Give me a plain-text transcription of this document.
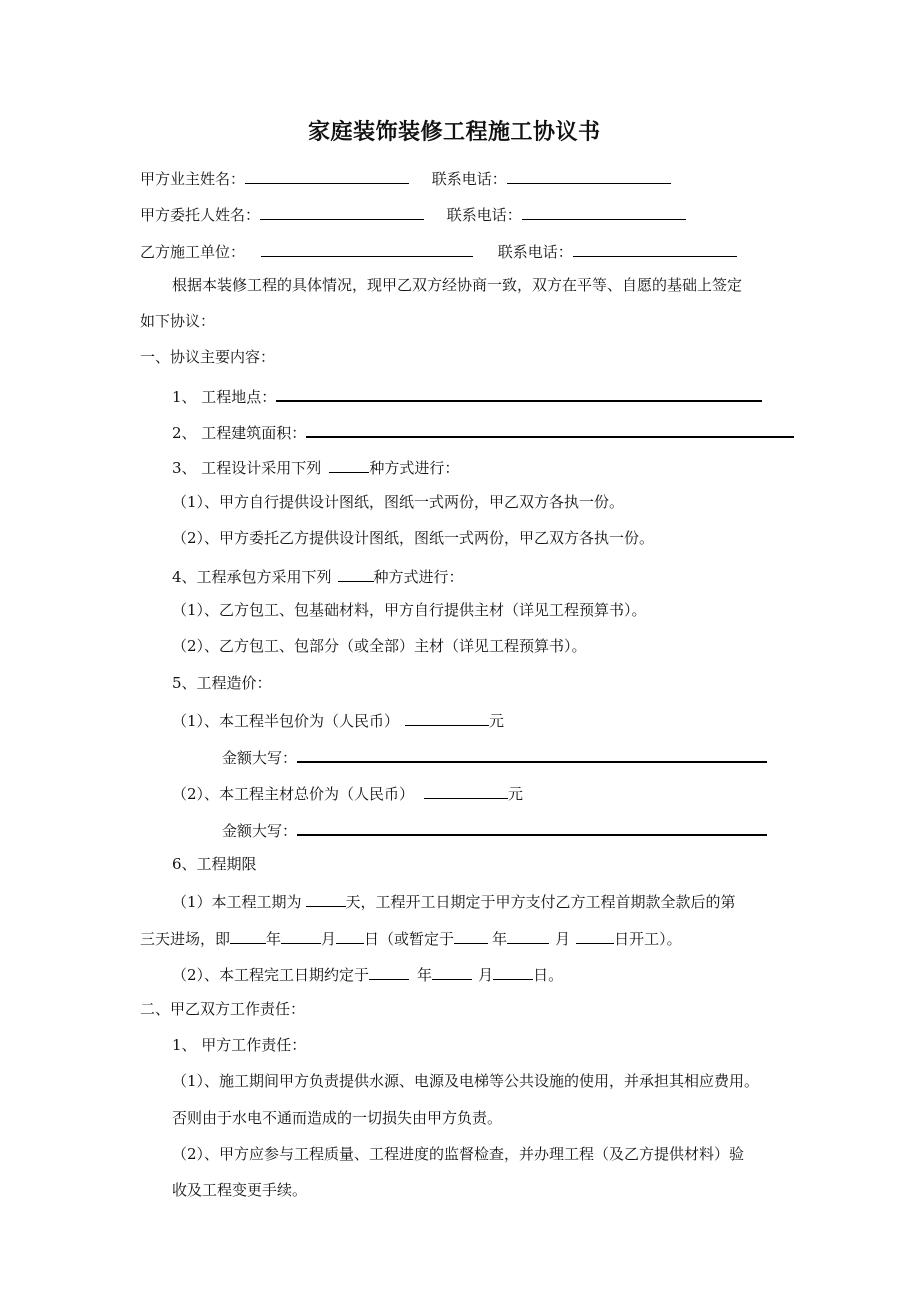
家庭装饰装修工程施工协议书
甲方业主姓名：	联系电话：
甲方委托人姓名：	联系电话：
乙方施工单位：	联系电话：
根据本装修工程的具体情况，现甲乙双方经协商一致，双方在平等、自愿的基础上签定
如下协议：
一、协议主要内容：
1、 工程地点：
2、 工程建筑面积：
3、 工程设计采用下列	种方式进行：
（1）、甲方自行提供设计图纸，图纸一式两份，甲乙双方各执一份。
（2）、甲方委托乙方提供设计图纸，图纸一式两份，甲乙双方各执一份。
4、工程承包方采用下列	种方式进行：
（1）、乙方包工、包基础材料，甲方自行提供主材（详见工程预算书）。
（2）、乙方包工、包部分（或全部）主材（详见工程预算书）。
5、工程造价：
（1）、本工程半包价为（人民币）	元
金额大写：
（2）、本工程主材总价为（人民币）	元
金额大写：
6、工程期限
（1）本工程工期为	天，工程开工日期定于甲方支付乙方工程首期款全款后的第
三天进场，即 年	月 日（或暂定于	年	月	日开工）。
（2）、本工程完工日期约定于	年	月	日。
二、甲乙双方工作责任：
1、 甲方工作责任：
（1）、施工期间甲方负责提供水源、电源及电梯等公共设施的使用，并承担其相应费用。
否则由于水电不通而造成的一切损失由甲方负责。
（2）、甲方应参与工程质量、工程进度的监督检查，并办理工程（及乙方提供材料）验
收及工程变更手续。
